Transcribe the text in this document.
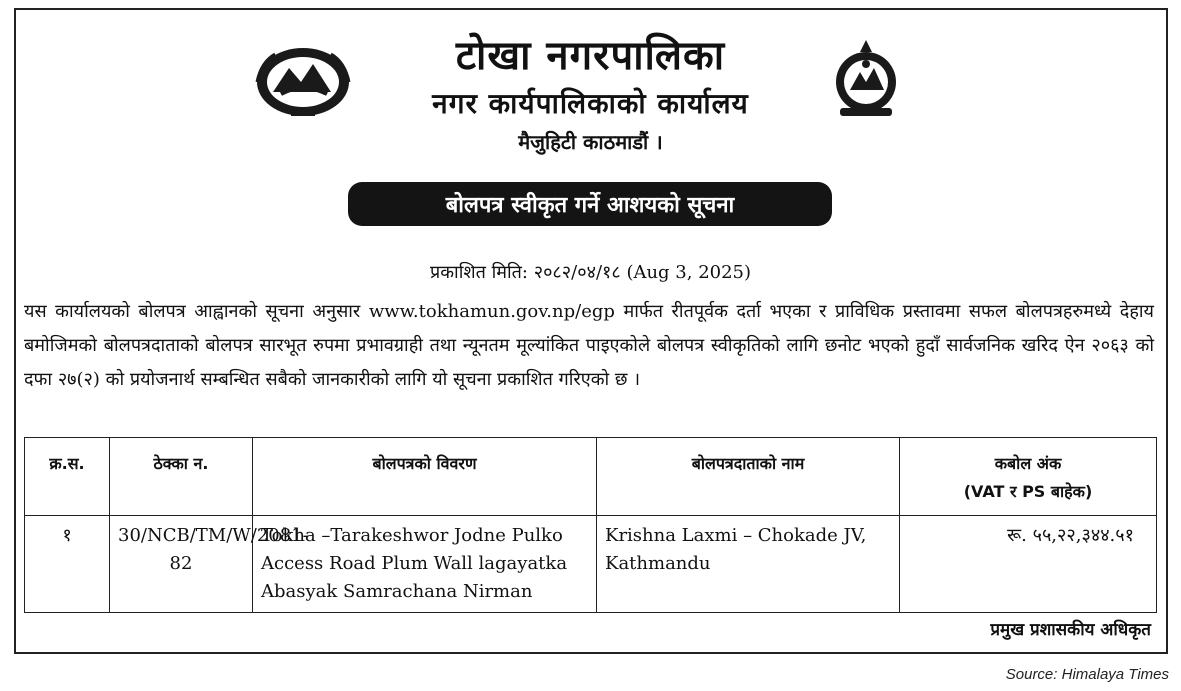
टोखा नगरपालिका
नगर कार्यपालिकाको कार्यालय
मैजुहिटी काठमाडौं ।
बोलपत्र स्वीकृत गर्ने आशयको सूचना
प्रकाशित मिति: २०८२/०४/१८ (Aug 3, 2025)

यस कार्यालयको बोलपत्र आह्वानको सूचना अनुसार www.tokhamun.gov.np/egp मार्फत रीतपूर्वक दर्ता भएका र प्राविधिक प्रस्तावमा सफल बोलपत्रहरुमध्ये देहाय बमोजिमको बोलपत्रदाताको बोलपत्र सारभूत रुपमा प्रभावग्राही तथा न्यूनतम मूल्यांकित पाइएकोले बोलपत्र स्वीकृतिको लागि छनोट भएको हुदाँ सार्वजनिक खरिद ऐन २०६३ को दफा २७(२) को प्रयोजनार्थ सम्बन्धित सबैको जानकारीको लागि यो सूचना प्रकाशित गरिएको छ ।

क्र.स.	ठेक्का न.	बोलपत्रको विवरण	बोलपत्रदाताको नाम	कबोल अंक
(VAT र PS बाहेक)

१	30/NCB/TM/W/2081-82	Tokha –Tarakeshwor Jodne Pulko Access Road Plum Wall lagayatka Abasyak Samrachana Nirman	Krishna Laxmi – Chokade JV, Kathmandu	रू. ५५,२२,३४४.५१
प्रमुख प्रशासकीय अधिकृत
Source: Himalaya Times
